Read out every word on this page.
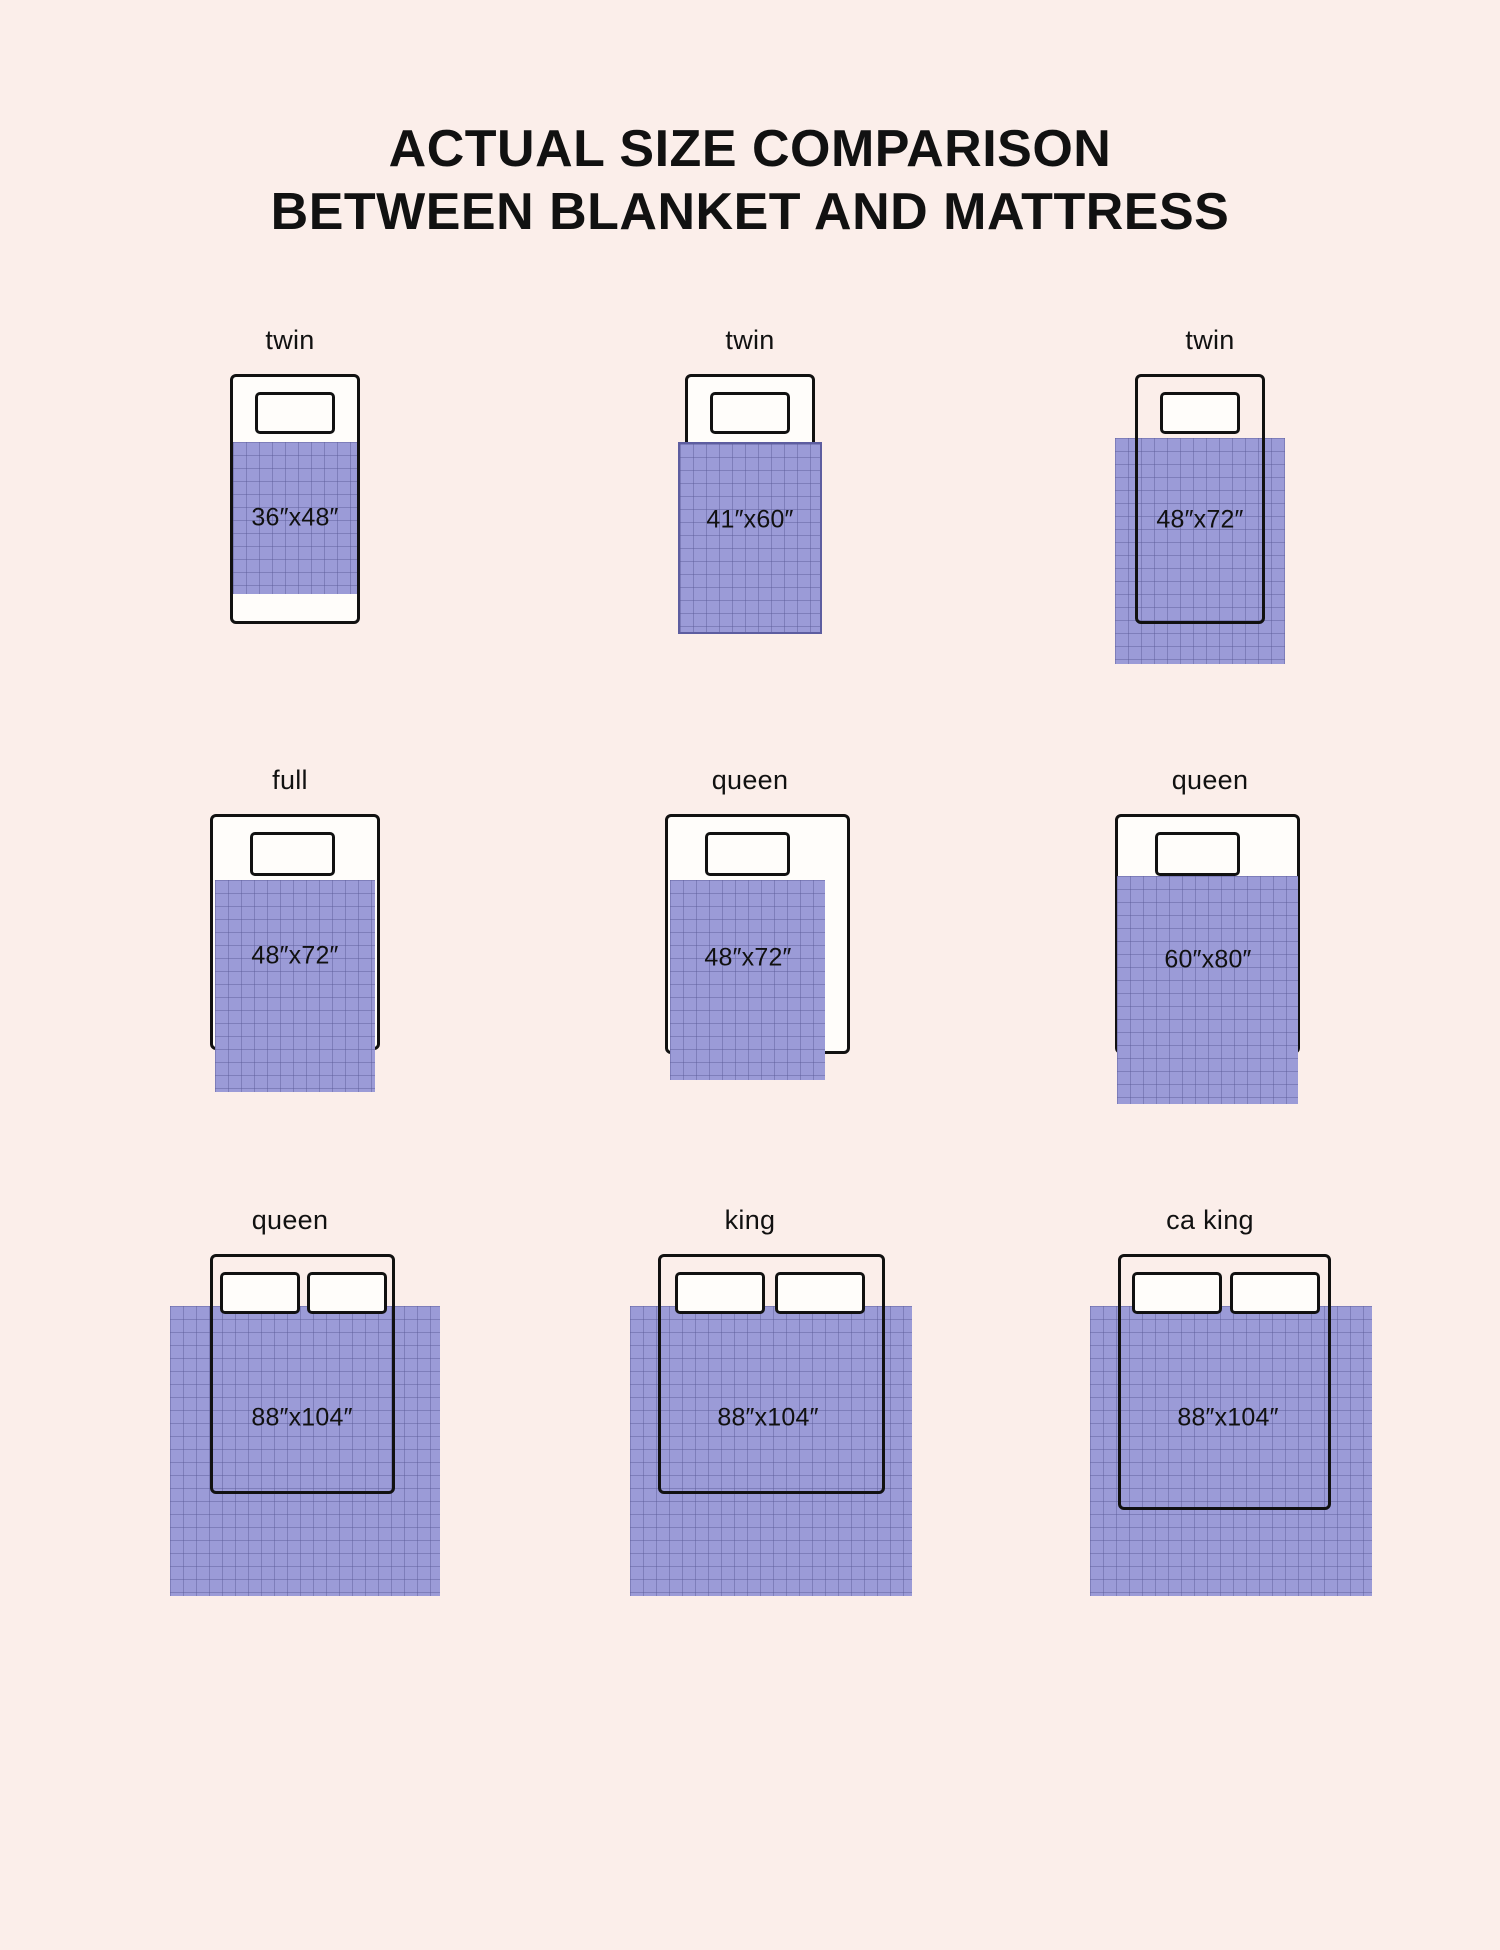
ACTUAL SIZE COMPARISON
BETWEEN BLANKET AND MATTRESS
twin
36″x48″
twin
41″x60″
twin
48″x72″
full
48″x72″
queen
48″x72″
queen
60″x80″
queen
88″x104″
king
88″x104″
ca king
88″x104″
